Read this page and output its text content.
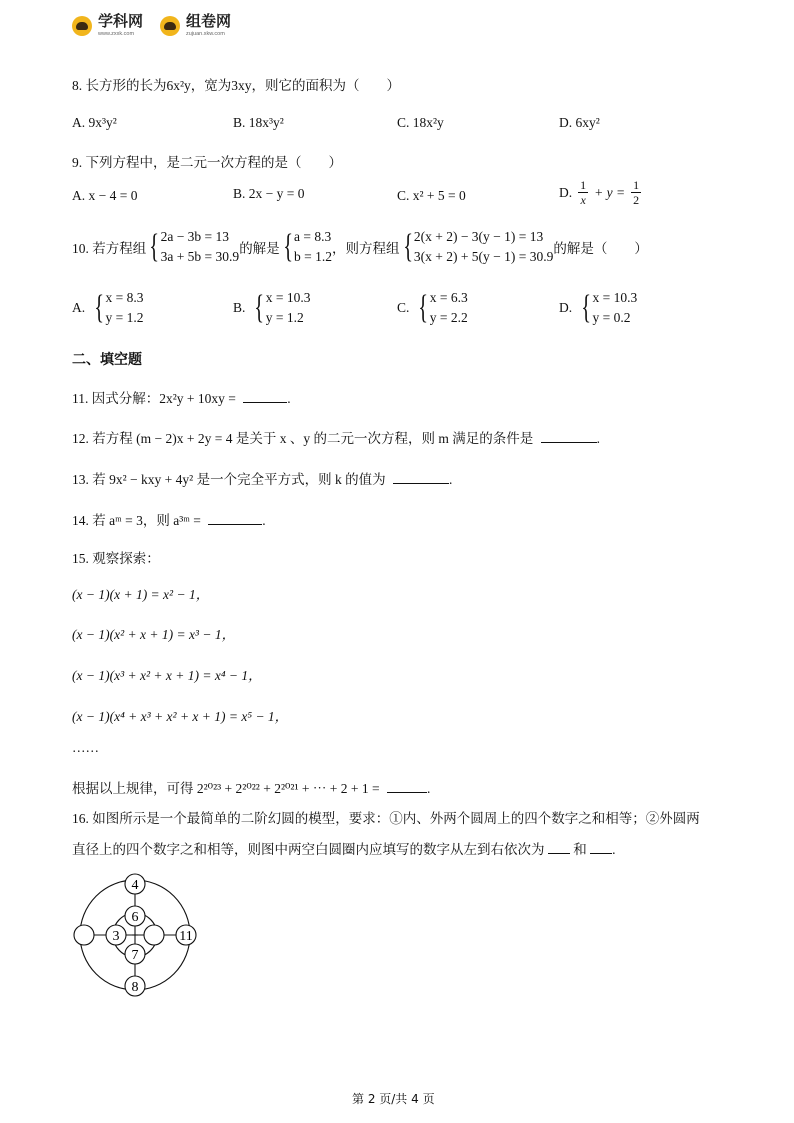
学科网
www.zxxk.com
组卷网
zujuan.xkw.com
8. 长方形的长为6x²y，宽为3xy，则它的面积为（　　）
A. 9x³y²	B. 18x³y²	C. 18x²y	D. 6xy²
9. 下列方程中，是二元一次方程的是（　　）
A. x − 4 = 0	B. 2x − y = 0	C. x² + 5 = 0	D. $\frac{1}{x} + y = \frac{1}{2}$
10. 若方程组 { 2a − 3b = 13
3a + 5b = 30.9
的解是 { a = 8.3
b = 1.2
，则方程组 { 2(x + 2) − 3(y − 1) = 13
3(x + 2) + 5(y − 1) = 30.9
的解是（　　）
A. { x = 8.3
y = 1.2
B. { x = 10.3
y = 1.2
C. { x = 6.3
y = 2.2
D. { x = 10.3
y = 0.2
二、填空题
11. 因式分解：2x²y + 10xy =	.
12. 若方程 (m − 2)x + 2y = 4 是关于 x 、y 的二元一次方程，则 m 满足的条件是	.
13. 若 9x² − kxy + 4y² 是一个完全平方式，则 k 的值为	.
14. 若 aᵐ = 3，则 a³ᵐ =	.
15. 观察探索：
(x − 1)(x + 1) = x² − 1，
(x − 1)(x² + x + 1) = x³ − 1，
(x − 1)(x³ + x² + x + 1) = x⁴ − 1，
(x − 1)(x⁴ + x³ + x² + x + 1) = x⁵ − 1，
……
根据以上规律，可得 2²⁰²³ + 2²⁰²² + 2²⁰²¹ + ⋯ + 2 + 1 =	.
16. 如图所示是一个最简单的二阶幻圆的模型，要求：①内、外两个圆周上的四个数字之和相等；②外圆两
直径上的四个数字之和相等，则图中两空白圆圈内应填写的数字从左到右依次为 和 .
4
6
3	11
7
8
第 2 页/共 4 页
